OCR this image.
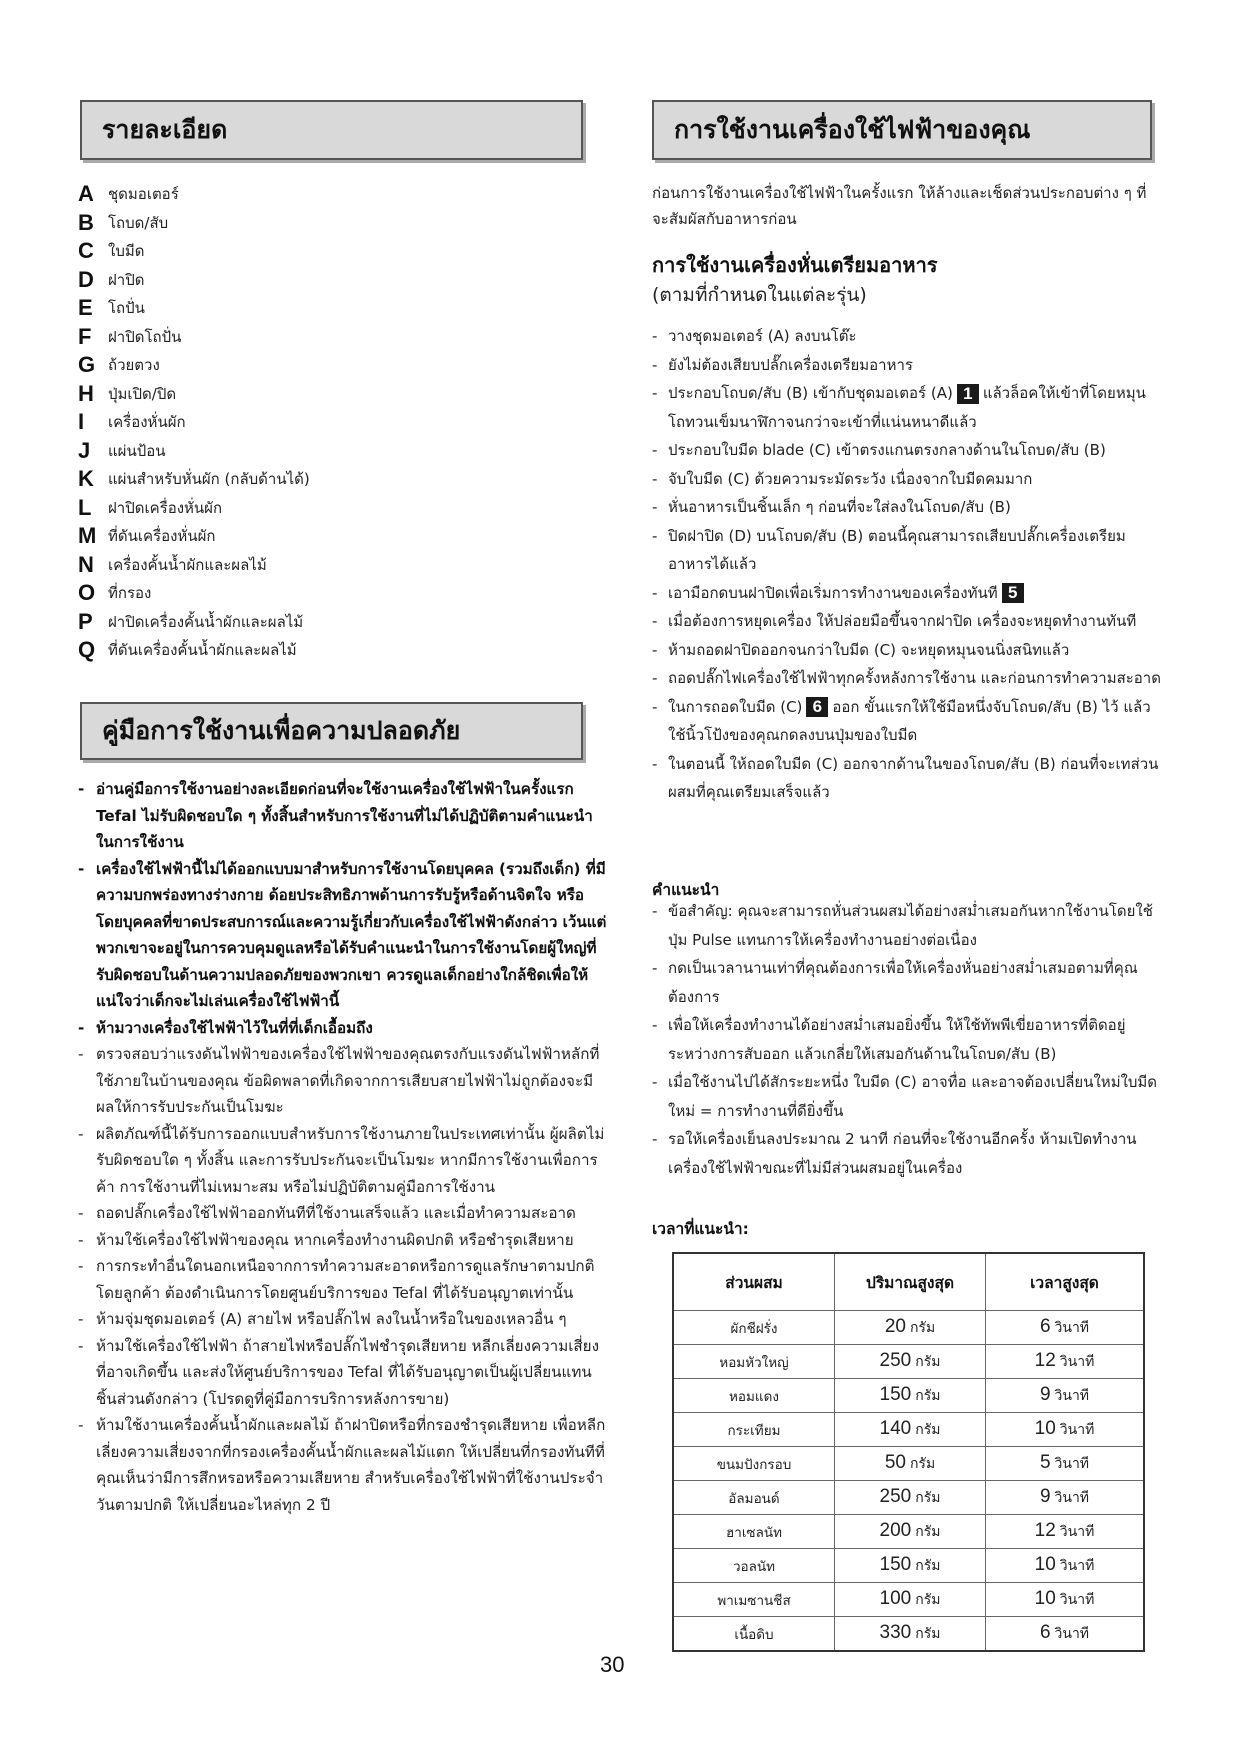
รายละเอียด
A ชุดมอเตอร์
B โถบด/สับ
C ใบมีด
D ฝาปิด
E	โถปั่น
F	ฝาปิดโถปั่น
G ถ้วยตวง
H ปุ่มเปิด/ปิด
I	เครื่องหั่นผัก
J	แผ่นป้อน
K แผ่นสำหรับหั่นผัก (กลับด้านได้)
L	ฝาปิดเครื่องหั่นผัก
M ที่ดันเครื่องหั่นผัก
N เครื่องคั้นน้ำผักและผลไม้
O ที่กรอง
P	ฝาปิดเครื่องคั้นน้ำผักและผลไม้
Q ที่ดันเครื่องคั้นน้ำผักและผลไม้
คู่มือการใช้งานเพื่อความปลอดภัย
- อ่านคู่มือการใช้งานอย่างละเอียดก่อนที่จะใช้งานเครื่องใช้ไฟฟ้าในครั้งแรก Tefal ไม่รับผิดชอบใด ๆ ทั้งสิ้นสำหรับการใช้งานที่ไม่ได้ปฏิบัติตามคำแนะนำในการใช้งาน
- เครื่องใช้ไฟฟ้านี้ไม่ได้ออกแบบมาสำหรับการใช้งานโดยบุคคล (รวมถึงเด็ก) ที่มีความบกพร่องทางร่างกาย ด้อยประสิทธิภาพด้านการรับรู้หรือด้านจิตใจ หรือโดยบุคคลที่ขาดประสบการณ์และความรู้เกี่ยวกับเครื่องใช้ไฟฟ้าดังกล่าว เว้นแต่พวกเขาจะอยู่ในการควบคุมดูแลหรือได้รับคำแนะนำในการใช้งานโดยผู้ใหญ่ที่รับผิดชอบในด้านความปลอดภัยของพวกเขา ควรดูแลเด็กอย่างใกล้ชิดเพื่อให้แน่ใจว่าเด็กจะไม่เล่นเครื่องใช้ไฟฟ้านี้
- ห้ามวางเครื่องใช้ไฟฟ้าไว้ในที่ที่เด็กเอื้อมถึง
- ตรวจสอบว่าแรงดันไฟฟ้าของเครื่องใช้ไฟฟ้าของคุณตรงกับแรงดันไฟฟ้าหลักที่ใช้ภายในบ้านของคุณ ข้อผิดพลาดที่เกิดจากการเสียบสายไฟฟ้าไม่ถูกต้องจะมีผลให้การรับประกันเป็นโมฆะ
- ผลิตภัณฑ์นี้ได้รับการออกแบบสำหรับการใช้งานภายในประเทศเท่านั้น ผู้ผลิตไม่รับผิดชอบใด ๆ ทั้งสิ้น และการรับประกันจะเป็นโมฆะ หากมีการใช้งานเพื่อการค้า การใช้งานที่ไม่เหมาะสม หรือไม่ปฏิบัติตามคู่มือการใช้งาน
- ถอดปลั๊กเครื่องใช้ไฟฟ้าออกทันทีที่ใช้งานเสร็จแล้ว และเมื่อทำความสะอาด
- ห้ามใช้เครื่องใช้ไฟฟ้าของคุณ หากเครื่องทำงานผิดปกติ หรือชำรุดเสียหาย
- การกระทำอื่นใดนอกเหนือจากการทำความสะอาดหรือการดูแลรักษาตามปกติโดยลูกค้า ต้องดำเนินการโดยศูนย์บริการของ Tefal ที่ได้รับอนุญาตเท่านั้น
- ห้ามจุ่มชุดมอเตอร์ (A) สายไฟ หรือปลั๊กไฟ ลงในน้ำหรือในของเหลวอื่น ๆ
- ห้ามใช้เครื่องใช้ไฟฟ้า ถ้าสายไฟหรือปลั๊กไฟชำรุดเสียหาย หลีกเลี่ยงความเสี่ยงที่อาจเกิดขึ้น และส่งให้ศูนย์บริการของ Tefal ที่ได้รับอนุญาตเป็นผู้เปลี่ยนแทนชิ้นส่วนดังกล่าว (โปรดดูที่คู่มือการบริการหลังการขาย)
- ห้ามใช้งานเครื่องคั้นน้ำผักและผลไม้ ถ้าฝาปิดหรือที่กรองชำรุดเสียหาย เพื่อหลีกเลี่ยงความเสี่ยงจากที่กรองเครื่องคั้นน้ำผักและผลไม้แตก ให้เปลี่ยนที่กรองทันทีที่คุณเห็นว่ามีการสึกหรอหรือความเสียหาย สำหรับเครื่องใช้ไฟฟ้าที่ใช้งานประจำวันตามปกติ ให้เปลี่ยนอะไหล่ทุก 2 ปี
การใช้งานเครื่องใช้ไฟฟ้าของคุณ
ก่อนการใช้งานเครื่องใช้ไฟฟ้าในครั้งแรก ให้ล้างและเช็ดส่วนประกอบต่าง ๆ ที่จะสัมผัสกับอาหารก่อน
การใช้งานเครื่องหั่นเตรียมอาหาร
(ตามที่กำหนดในแต่ละรุ่น)
- วางชุดมอเตอร์ (A) ลงบนโต๊ะ
- ยังไม่ต้องเสียบปลั๊กเครื่องเตรียมอาหาร
- ประกอบโถบด/สับ (B) เข้ากับชุดมอเตอร์ (A) 1 แล้วล็อคให้เข้าที่โดยหมุนโถทวนเข็มนาฬิกาจนกว่าจะเข้าที่แน่นหนาดีแล้ว
- ประกอบใบมีด blade (C) เข้าตรงแกนตรงกลางด้านในโถบด/สับ (B)
- จับใบมีด (C) ด้วยความระมัดระวัง เนื่องจากใบมีดคมมาก
- หั่นอาหารเป็นชิ้นเล็ก ๆ ก่อนที่จะใส่ลงในโถบด/สับ (B)
- ปิดฝาปิด (D) บนโถบด/สับ (B) ตอนนี้คุณสามารถเสียบปลั๊กเครื่องเตรียมอาหารได้แล้ว
- เอามือกดบนฝาปิดเพื่อเริ่มการทำงานของเครื่องทันที 5
- เมื่อต้องการหยุดเครื่อง ให้ปล่อยมือขึ้นจากฝาปิด เครื่องจะหยุดทำงานทันที
- ห้ามถอดฝาปิดออกจนกว่าใบมีด (C) จะหยุดหมุนจนนิ่งสนิทแล้ว
- ถอดปลั๊กไฟเครื่องใช้ไฟฟ้าทุกครั้งหลังการใช้งาน และก่อนการทำความสะอาด
- ในการถอดใบมีด (C) 6 ออก ขั้นแรกให้ใช้มือหนึ่งจับโถบด/สับ (B) ไว้ แล้วใช้นิ้วโป้งของคุณกดลงบนปุ่มของใบมีด
- ในตอนนี้ ให้ถอดใบมีด (C) ออกจากด้านในของโถบด/สับ (B) ก่อนที่จะเทส่วนผสมที่คุณเตรียมเสร็จแล้ว
คำแนะนำ
- ข้อสำคัญ: คุณจะสามารถหั่นส่วนผสมได้อย่างสม่ำเสมอกันหากใช้งานโดยใช้ปุ่ม Pulse แทนการให้เครื่องทำงานอย่างต่อเนื่อง
- กดเป็นเวลานานเท่าที่คุณต้องการเพื่อให้เครื่องหั่นอย่างสม่ำเสมอตามที่คุณต้องการ
- เพื่อให้เครื่องทำงานได้อย่างสม่ำเสมอยิ่งขึ้น ให้ใช้ทัพพีเขี่ยอาหารที่ติดอยู่ระหว่างการสับออก แล้วเกลี่ยให้เสมอกันด้านในโถบด/สับ (B)
- เมื่อใช้งานไปได้สักระยะหนึ่ง ใบมีด (C) อาจทื่อ และอาจต้องเปลี่ยนใหม่ใบมีดใหม่ = การทำงานที่ดียิ่งขึ้น
- รอให้เครื่องเย็นลงประมาณ 2 นาที ก่อนที่จะใช้งานอีกครั้ง ห้ามเปิดทำงานเครื่องใช้ไฟฟ้าขณะที่ไม่มีส่วนผสมอยู่ในเครื่อง
เวลาที่แนะนำ:
ส่วนผสม	ปริมาณสูงสุด	เวลาสูงสุด
ผักชีฝรั่ง	20 กรัม	6 วินาที
หอมหัวใหญ่	250 กรัม	12 วินาที
หอมแดง	150 กรัม	9 วินาที
กระเทียม	140 กรัม	10 วินาที
ขนมปังกรอบ	50 กรัม	5 วินาที
อัลมอนด์	250 กรัม	9 วินาที
ฮาเซลนัท	200 กรัม	12 วินาที
วอลนัท	150 กรัม	10 วินาที
พาเมซานชีส	100 กรัม	10 วินาที
เนื้อดิบ	330 กรัม	6 วินาที
30
